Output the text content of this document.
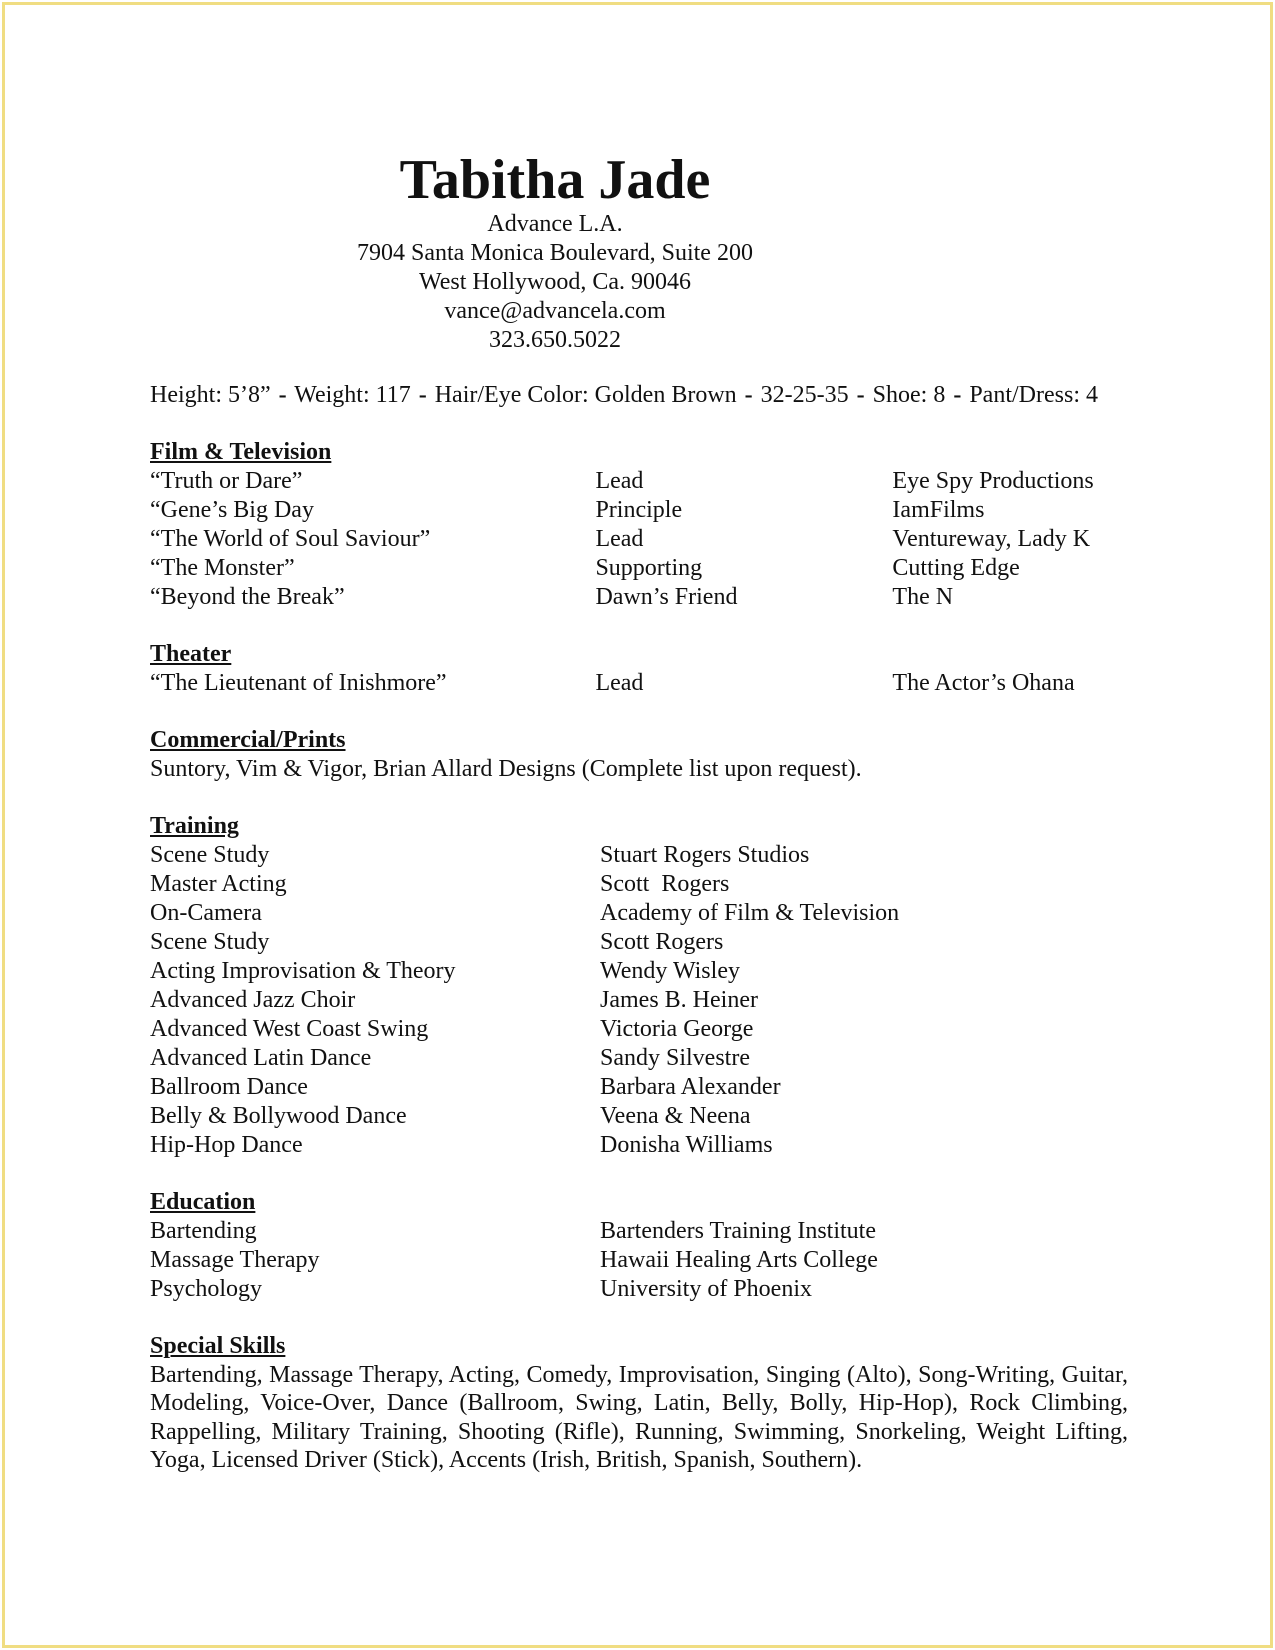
Tabitha Jade
Advance L.A.
7904 Santa Monica Boulevard, Suite 200
West Hollywood, Ca. 90046
vance@advancela.com
323.650.5022
Height: 5’8” - Weight: 117 - Hair/Eye Color: Golden Brown - 32-25-35 - Shoe: 8 - Pant/Dress: 4
Film & Television
“Truth or Dare”	Lead	Eye Spy Productions
“Gene’s Big Day	Principle	IamFilms
“The World of Soul Saviour”	Lead	Ventureway, Lady K
“The Monster”	Supporting	Cutting Edge
“Beyond the Break”	Dawn’s Friend	The N
Theater
“The Lieutenant of Inishmore”	Lead	The Actor’s Ohana
Commercial/Prints
Suntory, Vim & Vigor, Brian Allard Designs (Complete list upon request).
Training
Scene Study	Stuart Rogers Studios
Master Acting	Scott  Rogers
On-Camera	Academy of Film & Television
Scene Study	Scott Rogers
Acting Improvisation & Theory	Wendy Wisley
Advanced Jazz Choir	James B. Heiner
Advanced West Coast Swing	Victoria George
Advanced Latin Dance	Sandy Silvestre
Ballroom Dance	Barbara Alexander
Belly & Bollywood Dance	Veena & Neena
Hip-Hop Dance	Donisha Williams
Education
Bartending	Bartenders Training Institute
Massage Therapy	Hawaii Healing Arts College
Psychology	University of Phoenix
Special Skills
Bartending, Massage Therapy, Acting, Comedy, Improvisation, Singing (Alto), Song-Writing, Guitar, Modeling, Voice-Over, Dance (Ballroom, Swing, Latin, Belly, Bolly, Hip-Hop), Rock Climbing, Rappelling, Military Training, Shooting (Rifle), Running, Swimming, Snorkeling, Weight Lifting, Yoga, Licensed Driver (Stick), Accents (Irish, British, Spanish, Southern).
